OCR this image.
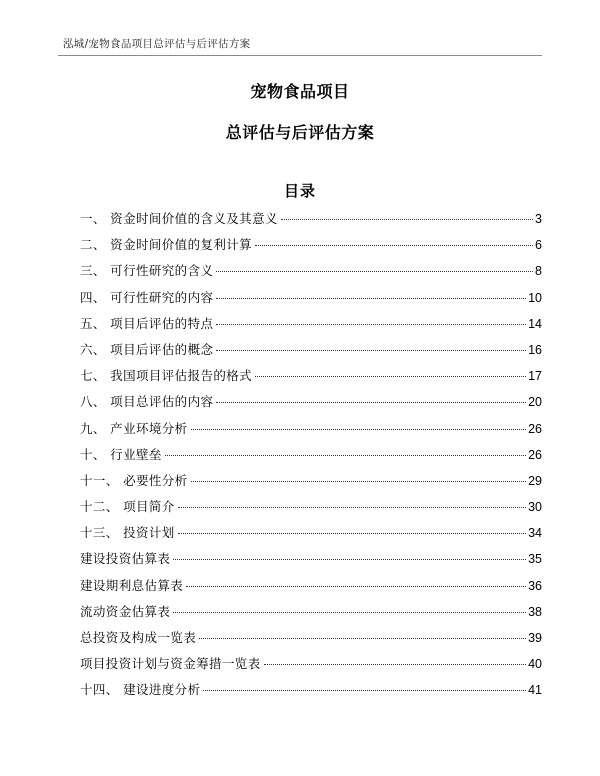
泓城/宠物食品项目总评估与后评估方案
宠物食品项目
总评估与后评估方案
目录
一、 资金时间价值的含义及其意义	3
二、 资金时间价值的复利计算	6
三、 可行性研究的含义	8
四、 可行性研究的内容	10
五、 项目后评估的特点	14
六、 项目后评估的概念	16
七、 我国项目评估报告的格式	17
八、 项目总评估的内容	20
九、 产业环境分析	26
十、 行业壁垒	26
十一、 必要性分析	29
十二、 项目简介	30
十三、 投资计划	34
建设投资估算表	35
建设期利息估算表	36
流动资金估算表	38
总投资及构成一览表	39
项目投资计划与资金筹措一览表	40
十四、 建设进度分析	41
